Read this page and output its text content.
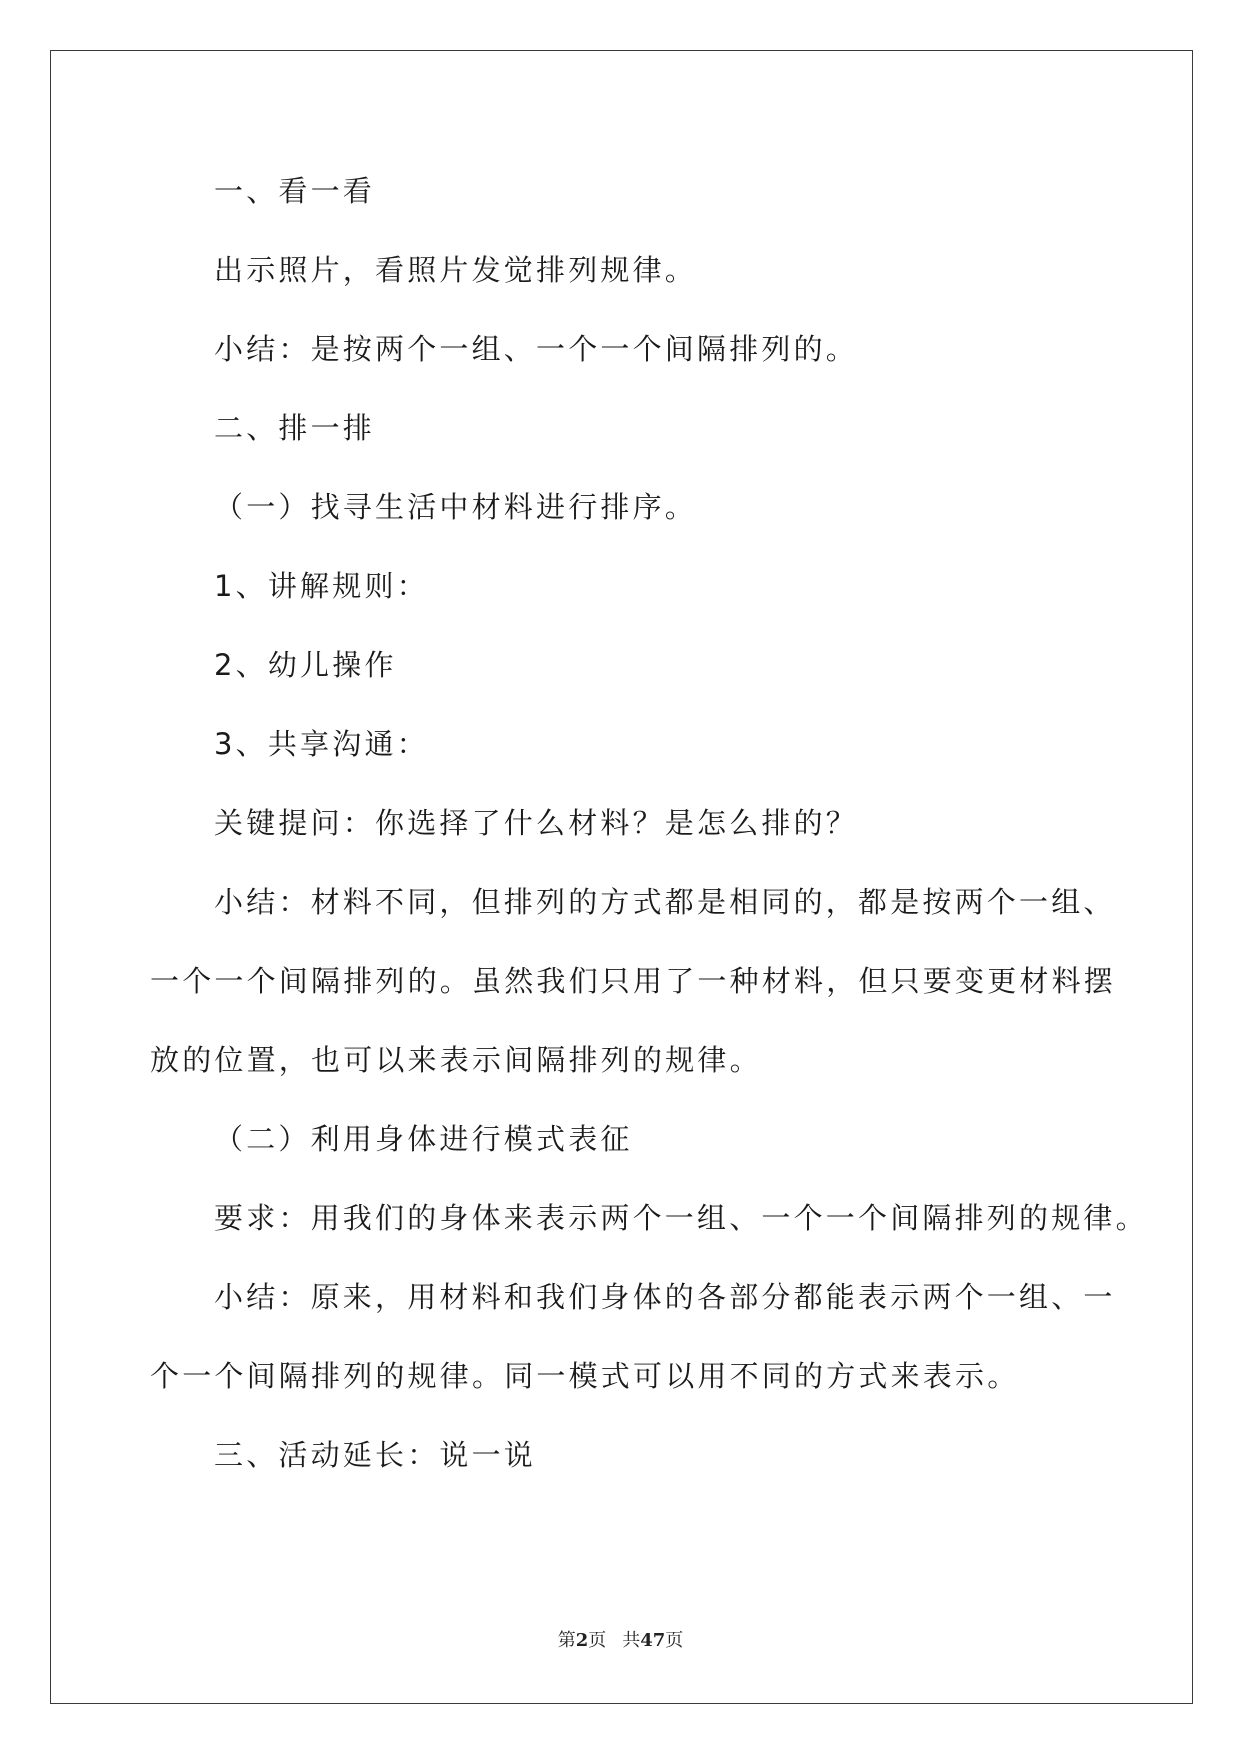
一、看一看
出示照片，看照片发觉排列规律。
小结：是按两个一组、一个一个间隔排列的。
二、排一排
（一）找寻生活中材料进行排序。
1、讲解规则：
2、幼儿操作
3、共享沟通：
关键提问：你选择了什么材料？是怎么排的？
小结：材料不同，但排列的方式都是相同的，都是按两个一组、
一个一个间隔排列的。虽然我们只用了一种材料，但只要变更材料摆
放的位置，也可以来表示间隔排列的规律。
（二）利用身体进行模式表征
要求：用我们的身体来表示两个一组、一个一个间隔排列的规律。
小结：原来，用材料和我们身体的各部分都能表示两个一组、一
个一个间隔排列的规律。同一模式可以用不同的方式来表示。
三、活动延长：说一说
第2页 共47页
